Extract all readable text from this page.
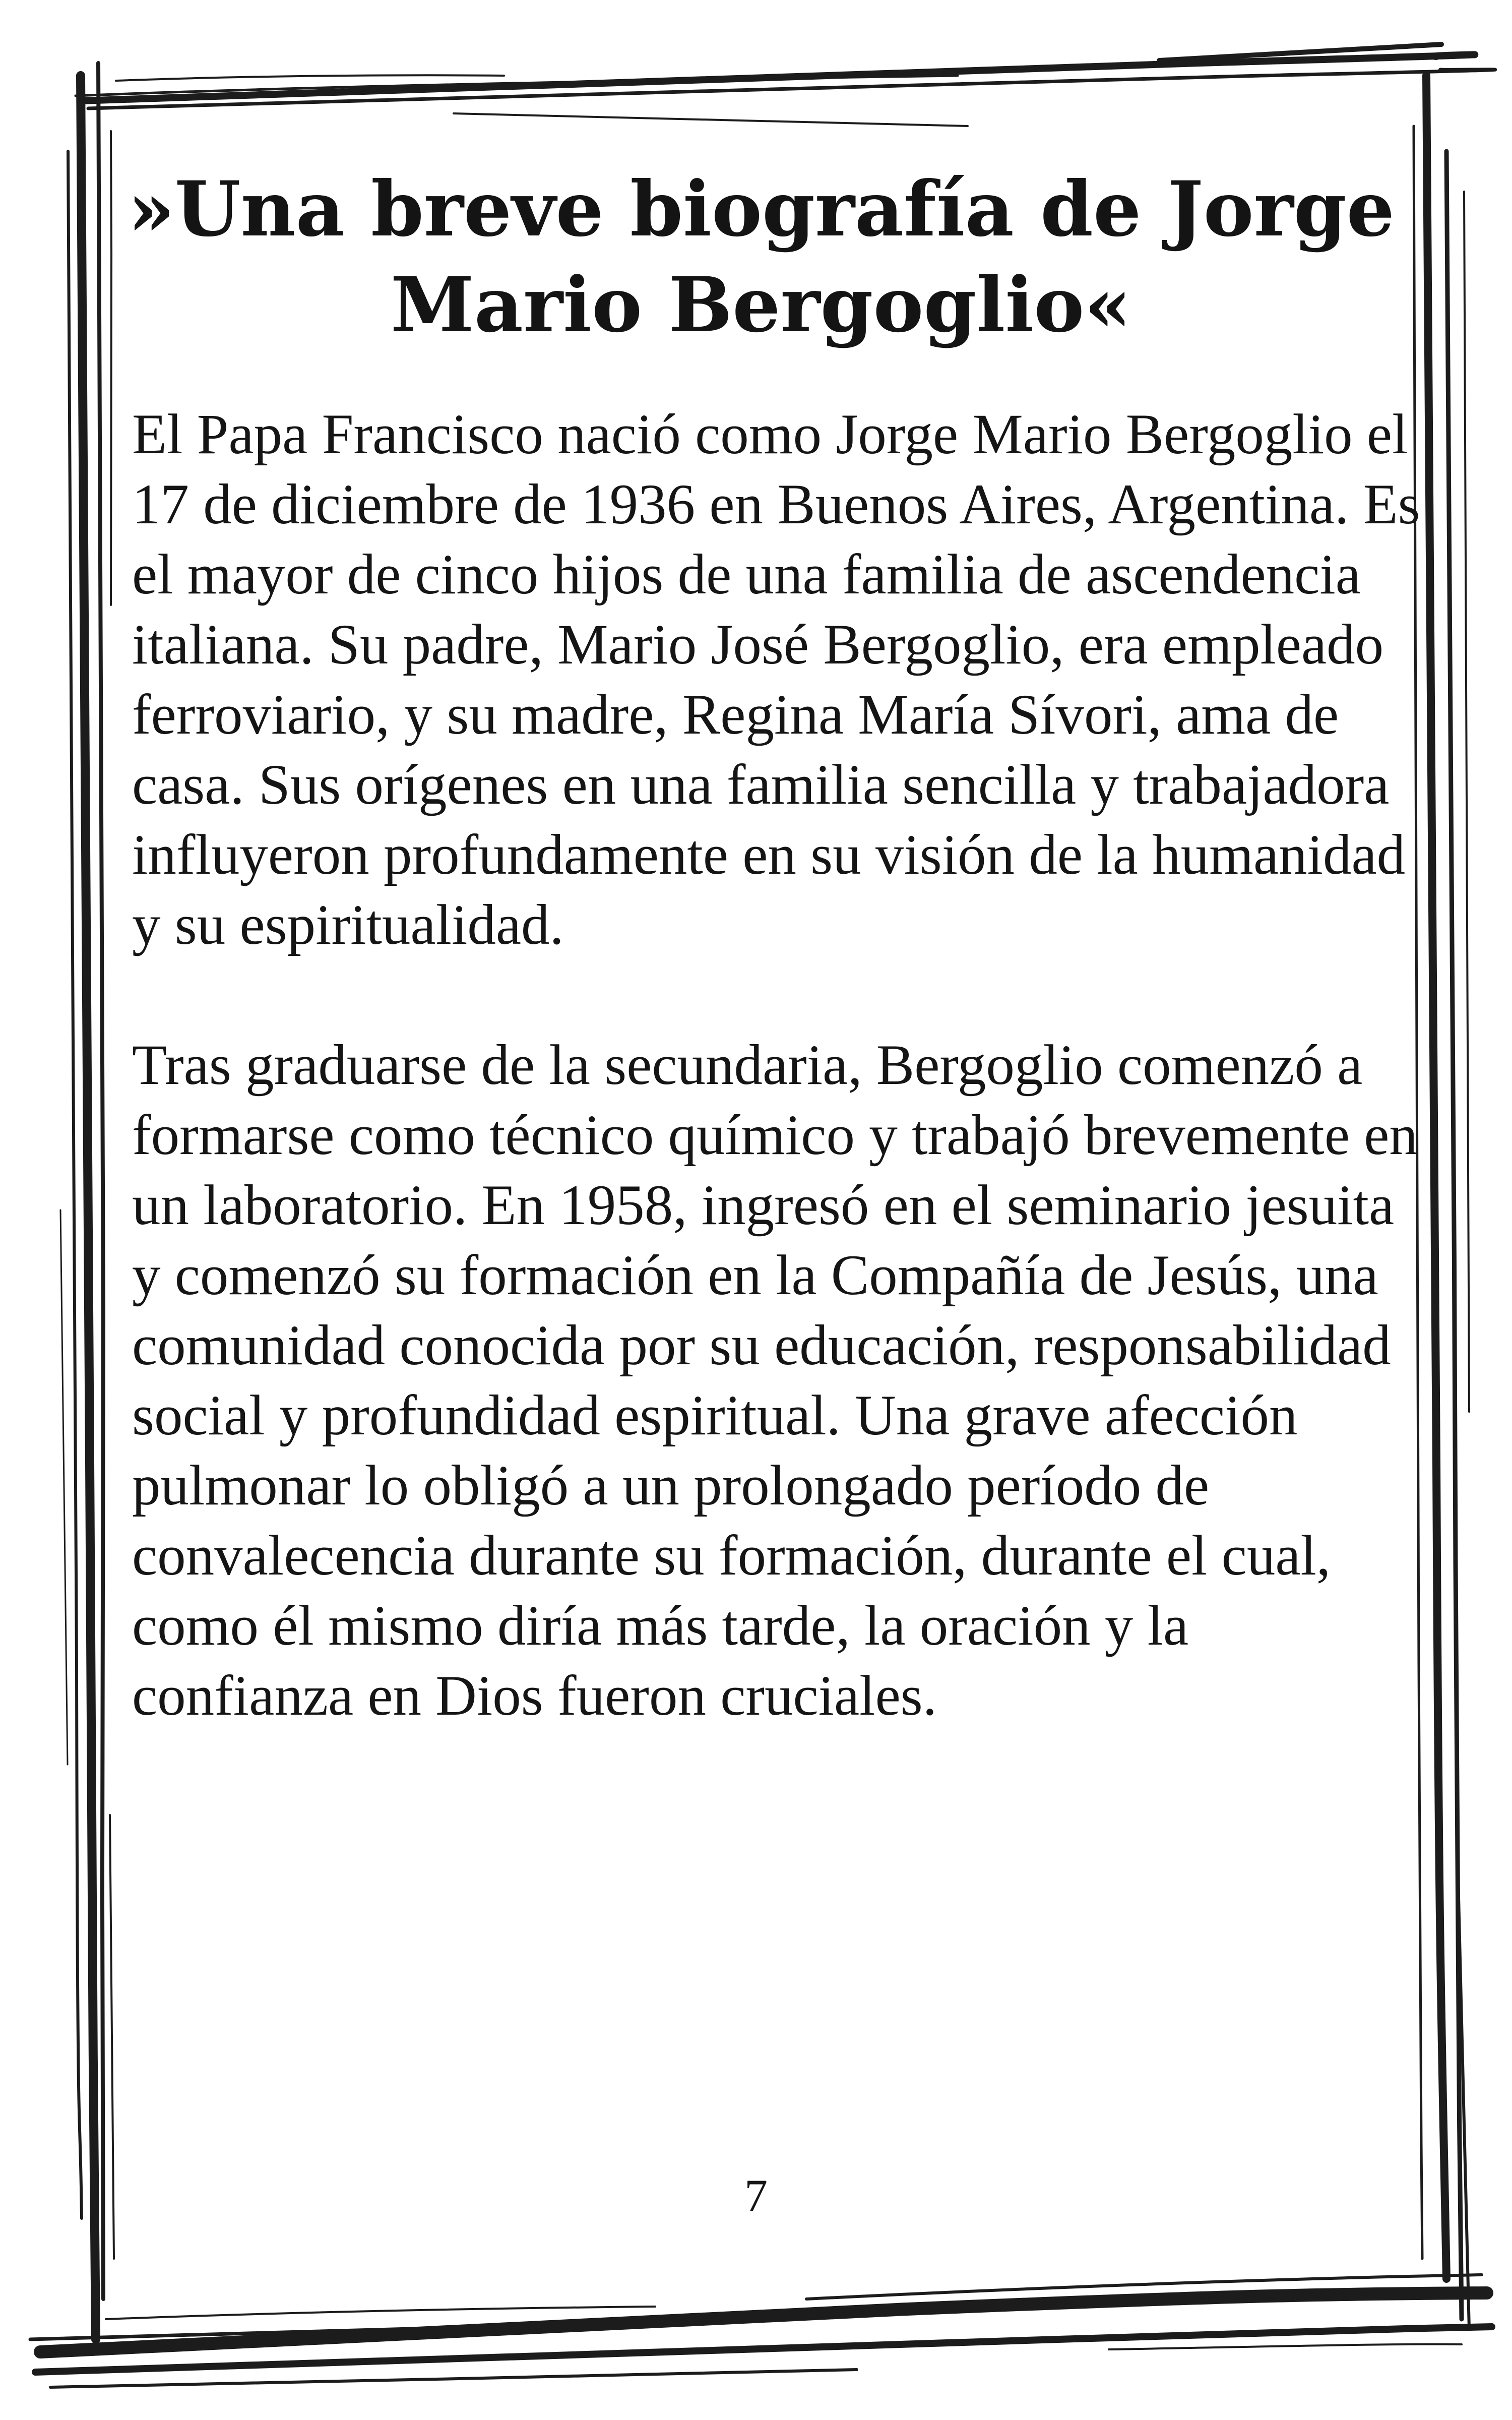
»Una breve biografía de Jorge Mario Bergoglio«

El Papa Francisco nació como Jorge Mario Bergoglio el 17 de diciembre de 1936 en Buenos Aires, Argentina. Es el mayor de cinco hijos de una familia de ascendencia italiana. Su padre, Mario José Bergoglio, era empleado ferroviario, y su madre, Regina María Sívori, ama de casa. Sus orígenes en una familia sencilla y trabajadora influyeron profundamente en su visión de la humanidad y su espiritualidad.

Tras graduarse de la secundaria, Bergoglio comenzó a formarse como técnico químico y trabajó brevemente en un laboratorio. En 1958, ingresó en el seminario jesuita y comenzó su formación en la Compañía de Jesús, una comunidad conocida por su educación, responsabilidad social y profundidad espiritual. Una grave afección pulmonar lo obligó a un prolongado período de convalecencia durante su formación, durante el cual, como él mismo diría más tarde, la oración y la confianza en Dios fueron cruciales.

7
